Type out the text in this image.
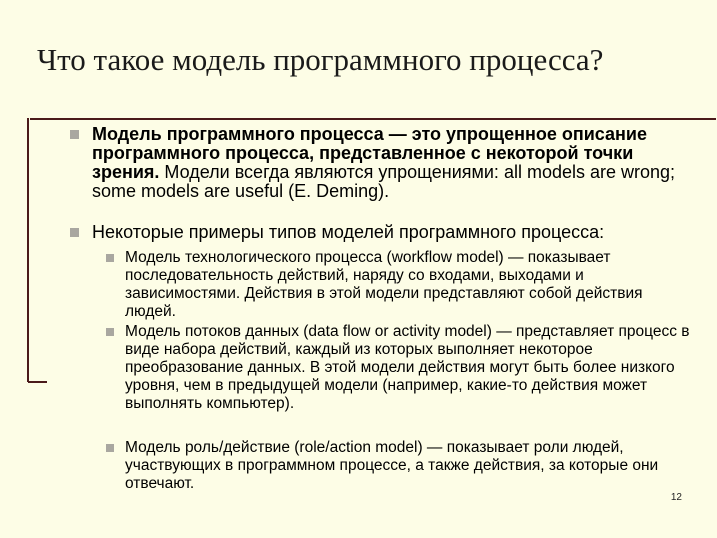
Что такое модель программного процесса?
Модель программного процесса — это упрощенное описание программного процесса, представленное с некоторой точки зрения. Модели всегда являются упрощениями: all models are wrong; some models are useful (E. Deming).
Некоторые примеры типов моделей программного процесса:
Модель технологического процесса (workflow model) — показывает последовательность действий, наряду со входами, выходами и зависимостями. Действия в этой модели представляют собой действия людей.
Модель потоков данных (data flow or activity model) — представляет процесс в виде набора действий, каждый из которых выполняет некоторое преобразование данных. В этой модели действия могут быть более низкого уровня, чем в предыдущей модели (например, какие-то действия может выполнять компьютер).
Модель роль/действие (role/action model) — показывает роли людей, участвующих в программном процессе, а также действия, за которые они отвечают.
12
